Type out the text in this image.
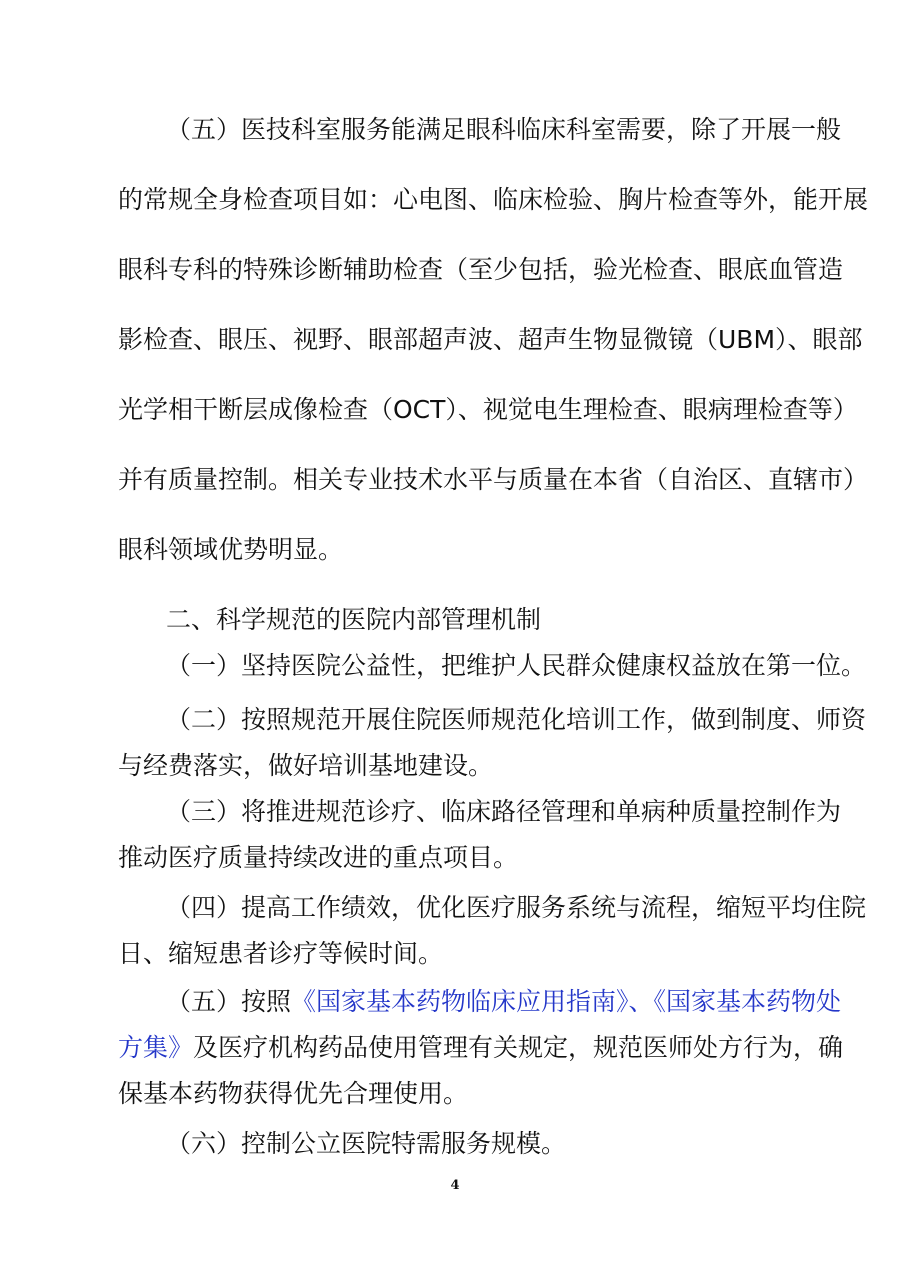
（五）医技科室服务能满足眼科临床科室需要，除了开展一般
的常规全身检查项目如：心电图、临床检验、胸片检查等外，能开展
眼科专科的特殊诊断辅助检查（至少包括，验光检查、眼底血管造
影检查、眼压、视野、眼部超声波、超声生物显微镜（UBM）、眼部
光学相干断层成像检查（OCT）、视觉电生理检查、眼病理检查等）
并有质量控制。相关专业技术水平与质量在本省（自治区、直辖市）
眼科领域优势明显。
二、科学规范的医院内部管理机制
（一）坚持医院公益性，把维护人民群众健康权益放在第一位。
（二）按照规范开展住院医师规范化培训工作，做到制度、师资
与经费落实，做好培训基地建设。
（三）将推进规范诊疗、临床路径管理和单病种质量控制作为
推动医疗质量持续改进的重点项目。
（四）提高工作绩效，优化医疗服务系统与流程，缩短平均住院
日、缩短患者诊疗等候时间。
（五）按照《国家基本药物临床应用指南》、《国家基本药物处
方集》及医疗机构药品使用管理有关规定，规范医师处方行为，确
保基本药物获得优先合理使用。
（六）控制公立医院特需服务规模。
4
